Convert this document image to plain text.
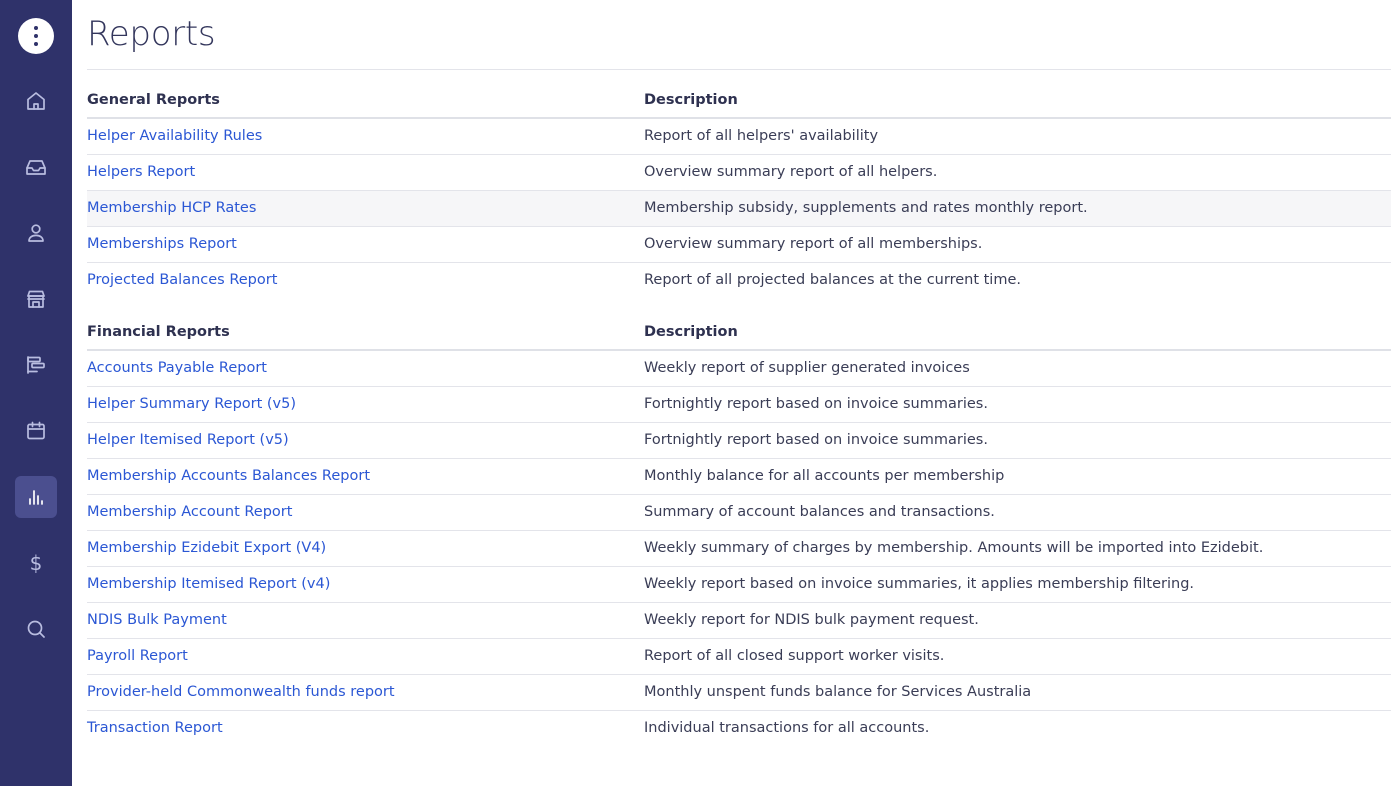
$
Reports
General Reports	Description
Helper Availability Rules	Report of all helpers' availability
Helpers Report	Overview summary report of all helpers.
Membership HCP Rates	Membership subsidy, supplements and rates monthly report.
Memberships Report	Overview summary report of all memberships.
Projected Balances Report	Report of all projected balances at the current time.
Financial Reports	Description
Accounts Payable Report	Weekly report of supplier generated invoices
Helper Summary Report (v5)	Fortnightly report based on invoice summaries.
Helper Itemised Report (v5)	Fortnightly report based on invoice summaries.
Membership Accounts Balances Report	Monthly balance for all accounts per membership
Membership Account Report	Summary of account balances and transactions.
Membership Ezidebit Export (V4)	Weekly summary of charges by membership. Amounts will be imported into Ezidebit.
Membership Itemised Report (v4)	Weekly report based on invoice summaries, it applies membership filtering.
NDIS Bulk Payment	Weekly report for NDIS bulk payment request.
Payroll Report	Report of all closed support worker visits.
Provider-held Commonwealth funds report	Monthly unspent funds balance for Services Australia
Transaction Report	Individual transactions for all accounts.
